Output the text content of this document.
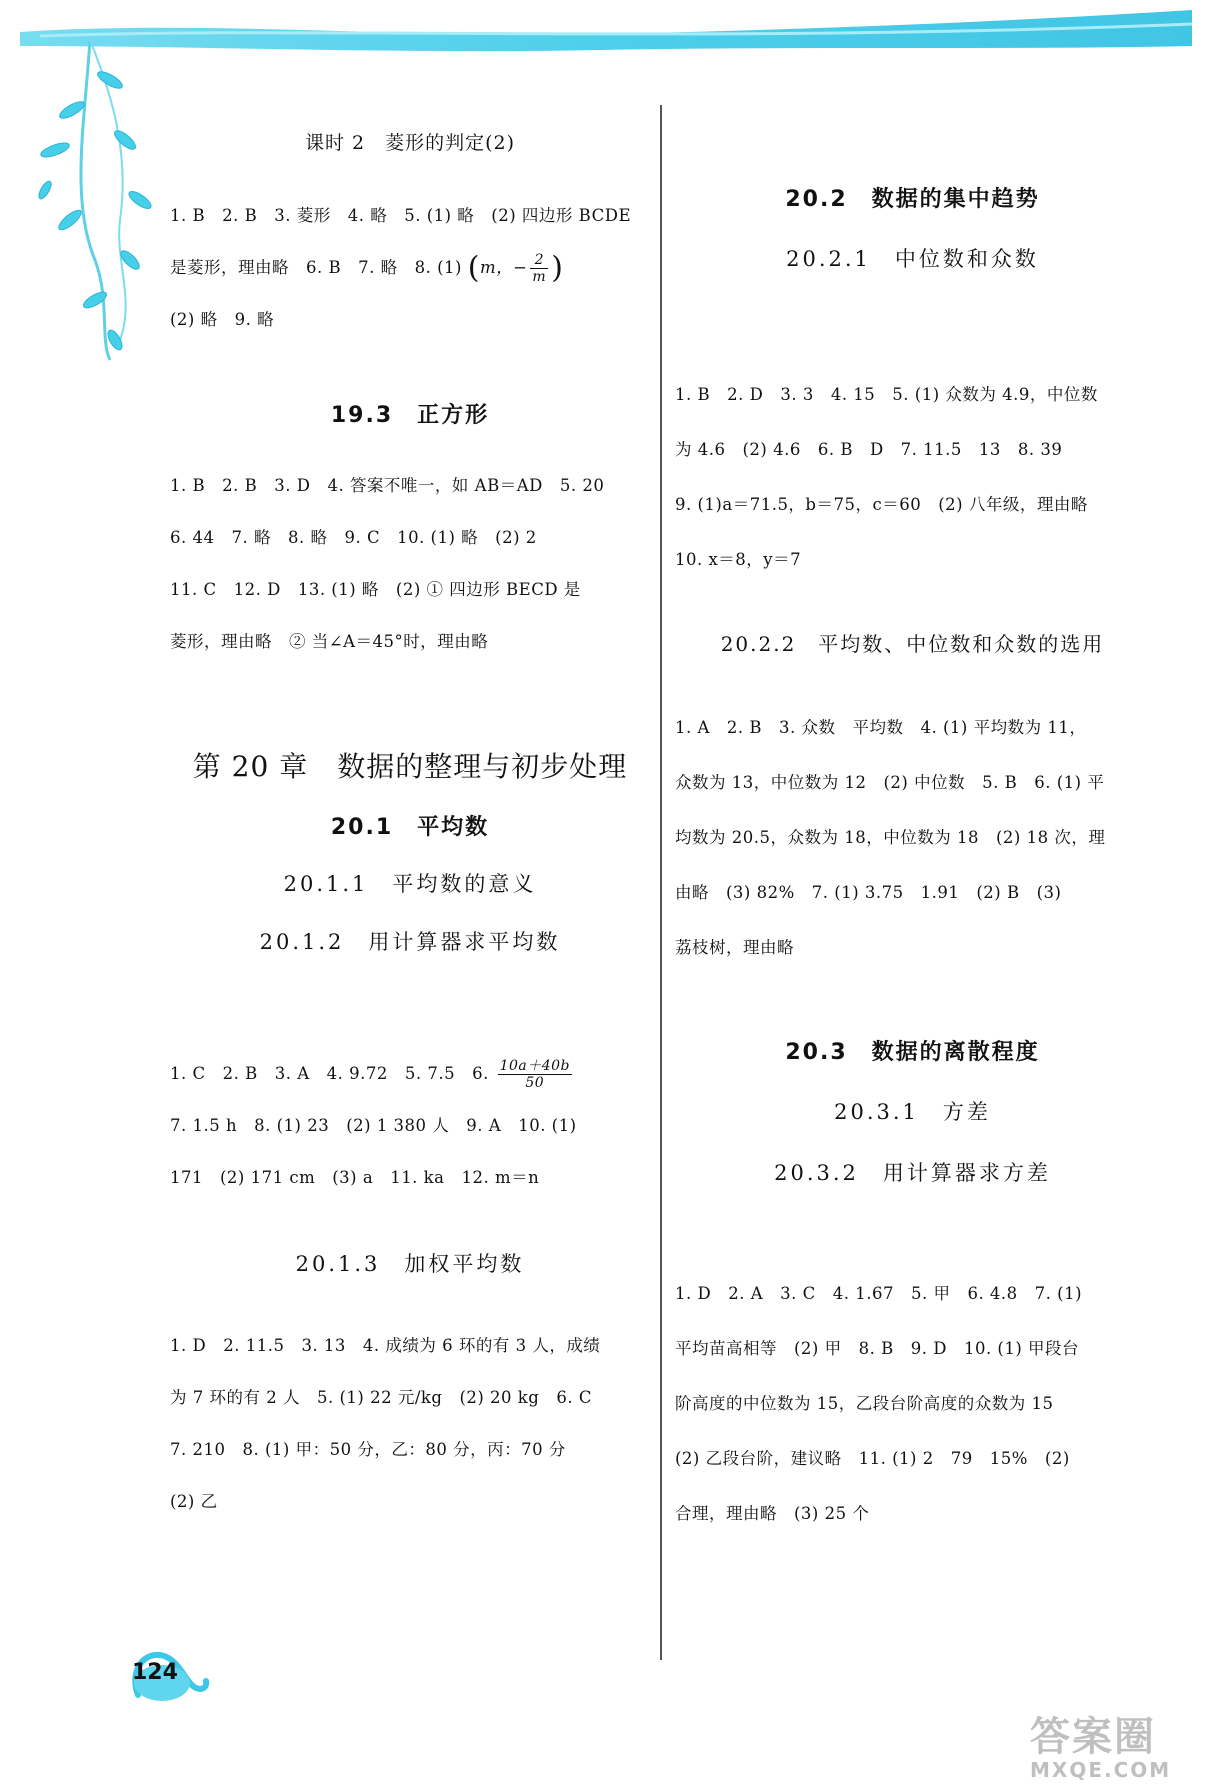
课时 2　菱形的判定(2)
1. B　2. B　3. 菱形　4. 略　5. (1) 略　(2) 四边形 BCDE
是菱形，理由略　6. B　7. 略　8. (1) (m，− $\frac{2}{m}$ )
(2) 略　9. 略
19.3　正方形
1. B　2. B　3. D　4. 答案不唯一，如 AB＝AD　5. 20
6. 44　7. 略　8. 略　9. C　10. (1) 略　(2) 2
11. C　12. D　13. (1) 略　(2) ① 四边形 BECD 是
菱形，理由略　② 当∠A＝45°时，理由略
第 20 章　数据的整理与初步处理
20.1　平均数
20.1.1　平均数的意义
20.1.2　用计算器求平均数
1. C　2. B　3. A　4. 9.72　5. 7.5　6. $\frac{10a+40b}{50}$
7. 1.5 h　8. (1) 23　(2) 1 380 人　9. A　10. (1)
171　(2) 171 cm　(3) a　11. ka　12. m＝n
20.1.3　加权平均数
1. D　2. 11.5　3. 13　4. 成绩为 6 环的有 3 人，成绩
为 7 环的有 2 人　5. (1) 22 元/kg　(2) 20 kg　6. C
7. 210　8. (1) 甲：50 分，乙：80 分，丙：70 分
(2) 乙
20.2　数据的集中趋势
20.2.1　中位数和众数
1. B　2. D　3. 3　4. 15　5. (1) 众数为 4.9，中位数
为 4.6　(2) 4.6　6. B　D　7. 11.5　13　8. 39
9. (1)a＝71.5，b＝75，c＝60　(2) 八年级，理由略
10. x＝8，y＝7
20.2.2　平均数、中位数和众数的选用
1. A　2. B　3. 众数　平均数　4. (1) 平均数为 11，
众数为 13，中位数为 12　(2) 中位数　5. B　6. (1) 平
均数为 20.5，众数为 18，中位数为 18　(2) 18 次，理
由略　(3) 82%　7. (1) 3.75　1.91　(2) B　(3)
荔枝树，理由略
20.3　数据的离散程度
20.3.1　方差
20.3.2　用计算器求方差
1. D　2. A　3. C　4. 1.67　5. 甲　6. 4.8　7. (1)
平均苗高相等　(2) 甲　8. B　9. D　10. (1) 甲段台
阶高度的中位数为 15，乙段台阶高度的众数为 15
(2) 乙段台阶，建议略　11. (1) 2　79　15%　(2)
合理，理由略　(3) 25 个
124
答案圈
MXQE.COM
